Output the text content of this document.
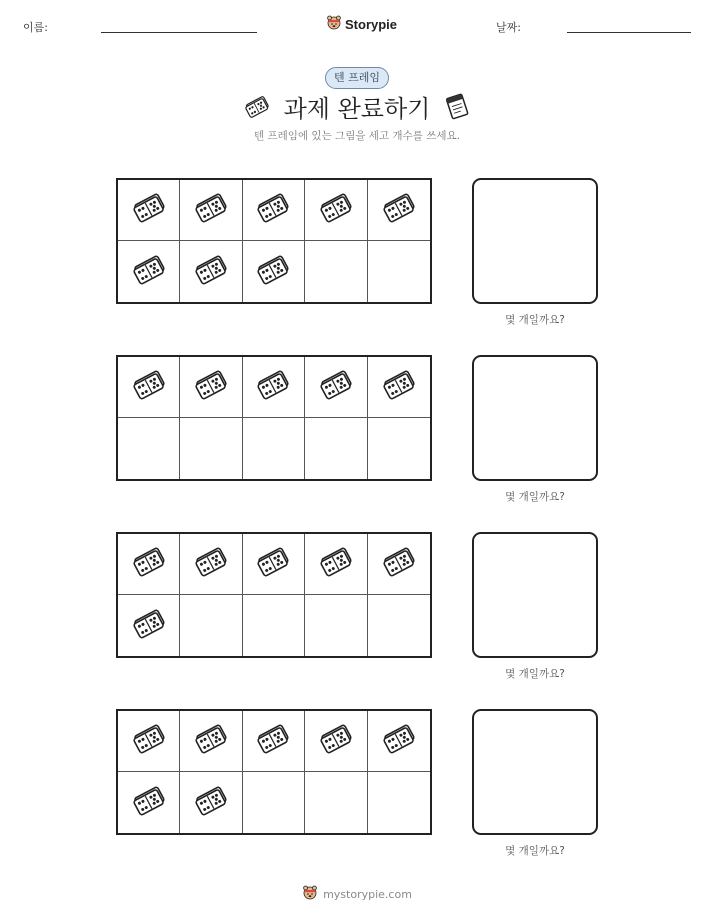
이름:	Storypie	날짜:
텐 프레임
과제 완료하기
텐 프레임에 있는 그림을 세고 개수를 쓰세요.
몇 개일까요?
몇 개일까요?
몇 개일까요?
몇 개일까요?
mystorypie.com
